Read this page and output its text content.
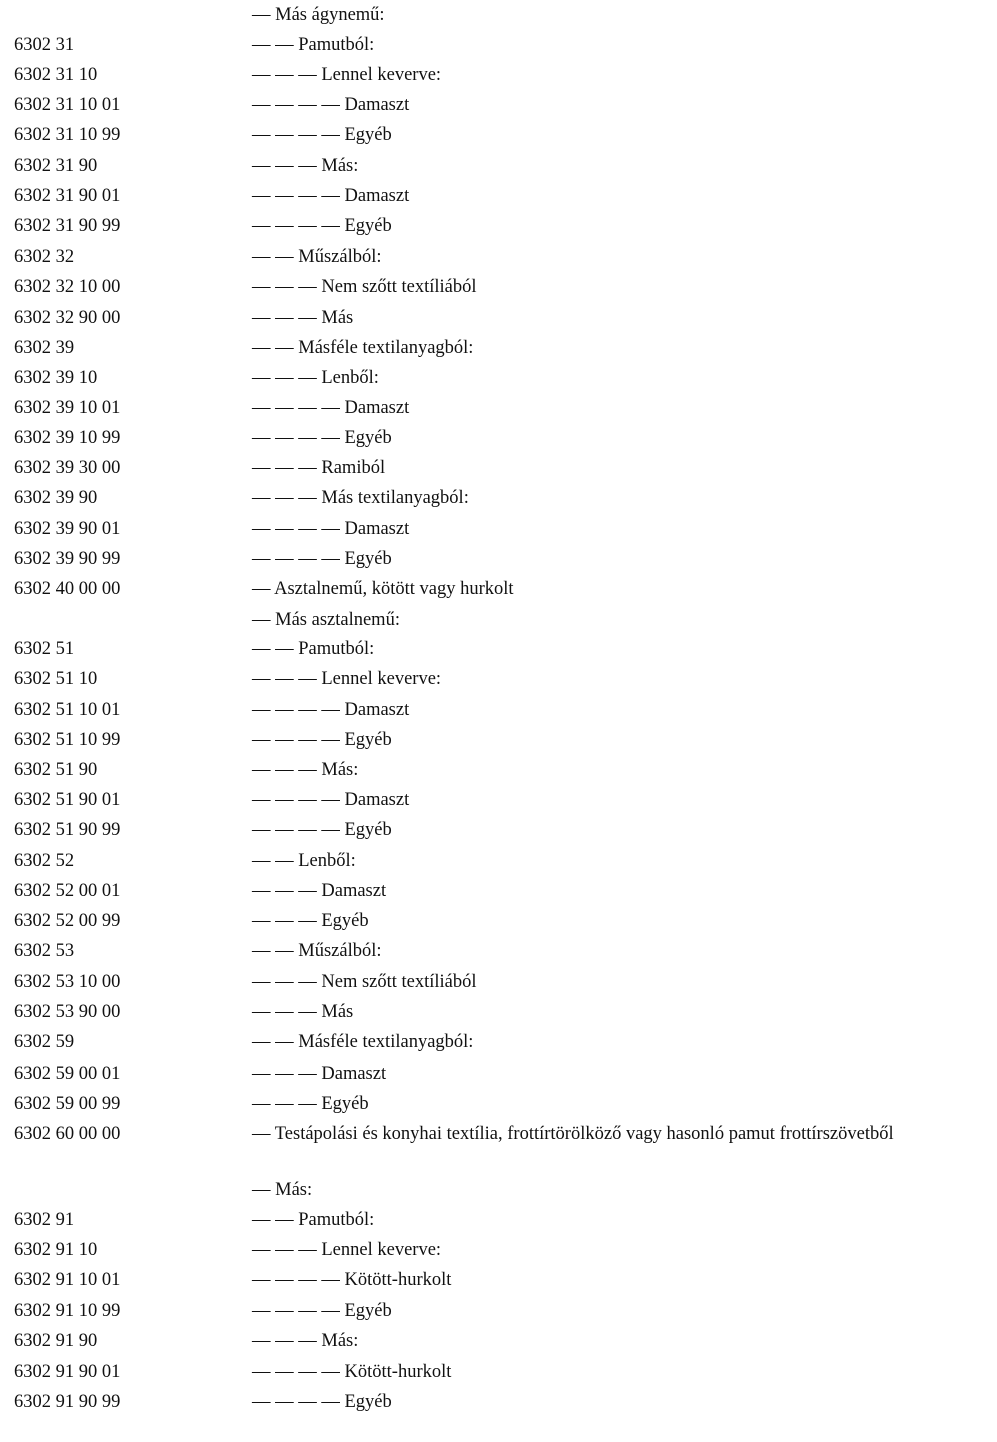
— Más ágynemű:
6302 31	— — Pamutból:
6302 31 10	— — — Lennel keverve:
6302 31 10 01	— — — — Damaszt
6302 31 10 99	— — — — Egyéb
6302 31 90	— — — Más:
6302 31 90 01	— — — — Damaszt
6302 31 90 99	— — — — Egyéb
6302 32	— — Műszálból:
6302 32 10 00	— — — Nem szőtt textíliából
6302 32 90 00	— — — Más
6302 39	— — Másféle textilanyagból:
6302 39 10	— — — Lenből:
6302 39 10 01	— — — — Damaszt
6302 39 10 99	— — — — Egyéb
6302 39 30 00	— — — Ramiból
6302 39 90	— — — Más textilanyagból:
6302 39 90 01	— — — — Damaszt
6302 39 90 99	— — — — Egyéb
6302 40 00 00	— Asztalnemű, kötött vagy hurkolt
— Más asztalnemű:
6302 51	— — Pamutból:
6302 51 10	— — — Lennel keverve:
6302 51 10 01	— — — — Damaszt
6302 51 10 99	— — — — Egyéb
6302 51 90	— — — Más:
6302 51 90 01	— — — — Damaszt
6302 51 90 99	— — — — Egyéb
6302 52	— — Lenből:
6302 52 00 01	— — — Damaszt
6302 52 00 99	— — — Egyéb
6302 53	— — Műszálból:
6302 53 10 00	— — — Nem szőtt textíliából
6302 53 90 00	— — — Más
6302 59	— — Másféle textilanyagból:
6302 59 00 01	— — — Damaszt
6302 59 00 99	— — — Egyéb
6302 60 00 00	— Testápolási és konyhai textília, frottírtörölköző vagy hasonló pamut frottírszövetből
— Más:
6302 91	— — Pamutból:
6302 91 10	— — — Lennel keverve:
6302 91 10 01	— — — — Kötött-hurkolt
6302 91 10 99	— — — — Egyéb
6302 91 90	— — — Más:
6302 91 90 01	— — — — Kötött-hurkolt
6302 91 90 99	— — — — Egyéb
